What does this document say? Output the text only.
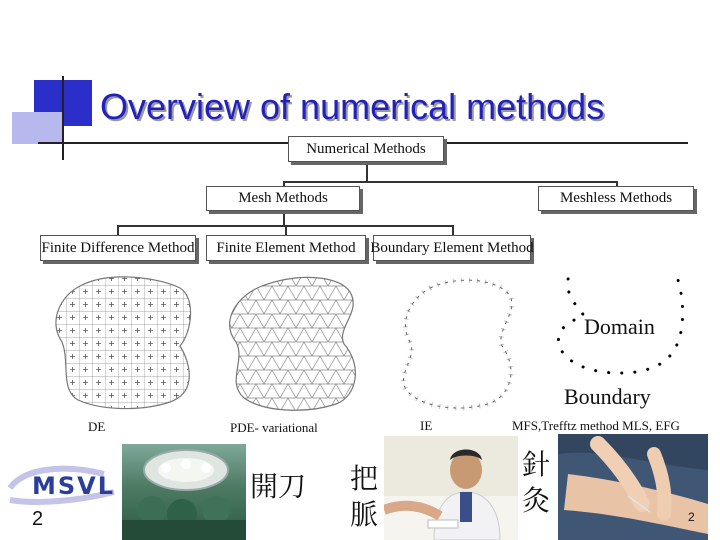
Overview of numerical methods
Numerical Methods
Mesh Methods	Meshless Methods
Finite Difference Method Finite Element Method Boundary Element Method
Domain
Boundary
DE	PDE- variational	IE	MFS,Trefftz method MLS, EFG
MSVL
2
開刀 把
脈
針
灸	2
